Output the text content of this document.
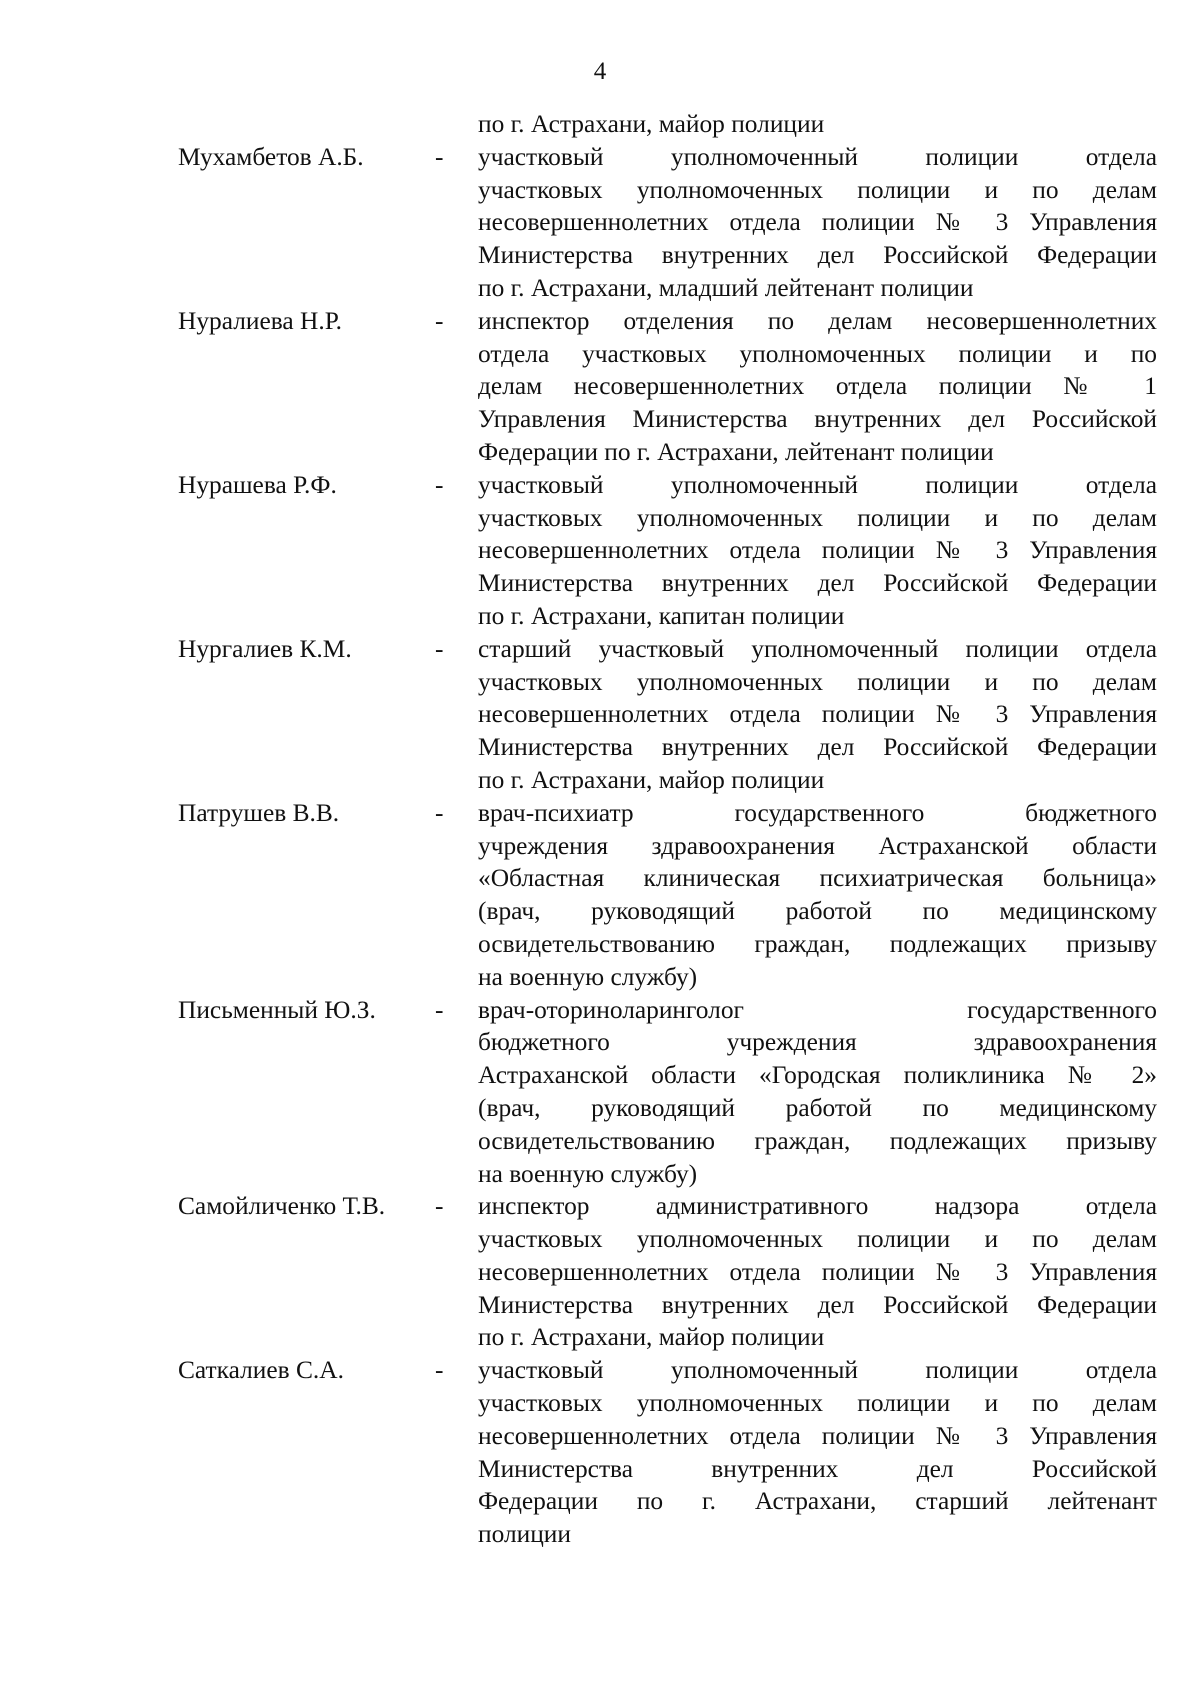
4
по г. Астрахани, майор полиции
Мухамбетов А.Б.	-	участковый уполномоченный полиции отдела
участковых уполномоченных полиции и по делам
несовершеннолетних отдела полиции № 3 Управления
Министерства внутренних дел Российской Федерации
по г. Астрахани, младший лейтенант полиции
Нуралиева Н.Р.	-	инспектор отделения по делам несовершеннолетних
отдела участковых уполномоченных полиции и по
делам несовершеннолетних отдела полиции № 1
Управления Министерства внутренних дел Российской
Федерации по г. Астрахани, лейтенант полиции
Нурашева Р.Ф.	-	участковый уполномоченный полиции отдела
участковых уполномоченных полиции и по делам
несовершеннолетних отдела полиции № 3 Управления
Министерства внутренних дел Российской Федерации
по г. Астрахани, капитан полиции
Нургалиев К.М.	-	старший участковый уполномоченный полиции отдела
участковых уполномоченных полиции и по делам
несовершеннолетних отдела полиции № 3 Управления
Министерства внутренних дел Российской Федерации
по г. Астрахани, майор полиции
Патрушев В.В.	-	врач-психиатр государственного бюджетного
учреждения здравоохранения Астраханской области
«Областная клиническая психиатрическая больница»
(врач, руководящий работой по медицинскому
освидетельствованию граждан, подлежащих призыву
на военную службу)
Письменный Ю.З.	-	врач-оториноларинголог государственного
бюджетного учреждения здравоохранения
Астраханской области «Городская поликлиника № 2»
(врач, руководящий работой по медицинскому
освидетельствованию граждан, подлежащих призыву
на военную службу)
Самойличенко Т.В.	-	инспектор административного надзора отдела
участковых уполномоченных полиции и по делам
несовершеннолетних отдела полиции № 3 Управления
Министерства внутренних дел Российской Федерации
по г. Астрахани, майор полиции
Саткалиев С.А.	-	участковый уполномоченный полиции отдела
участковых уполномоченных полиции и по делам
несовершеннолетних отдела полиции № 3 Управления
Министерства внутренних дел Российской
Федерации по г. Астрахани, старший лейтенант
полиции
